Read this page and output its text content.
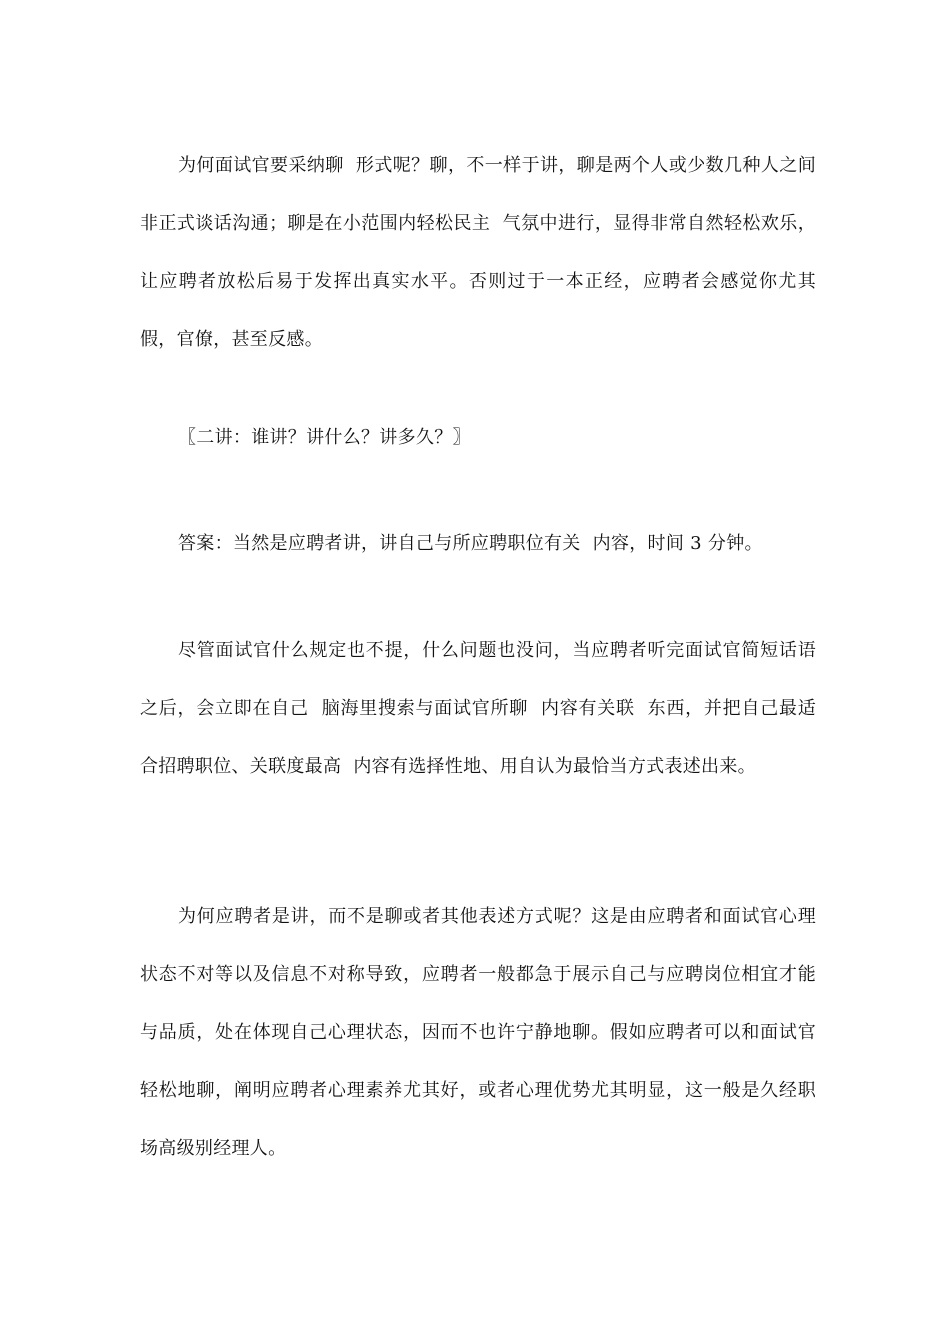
为何面试官要采纳聊  形式呢？聊，不一样于讲，聊是两个人或少数几种人之间  非正式谈话沟通；聊是在小范围内轻松民主  气氛中进行，显得非常自然轻松欢乐，让应聘者放松后易于发挥出真实水平。否则过于一本正经，应聘者会感觉你尤其假，官僚，甚至反感。

〖二讲：谁讲？讲什么？讲多久？〗

答案：当然是应聘者讲，讲自己与所应聘职位有关  内容，时间 3 分钟。

尽管面试官什么规定也不提，什么问题也没问，当应聘者听完面试官简短话语之后，会立即在自己  脑海里搜索与面试官所聊  内容有关联  东西，并把自己最适合招聘职位、关联度最高  内容有选择性地、用自认为最恰当方式表述出来。

为何应聘者是讲，而不是聊或者其他表述方式呢？这是由应聘者和面试官心理状态不对等以及信息不对称导致，应聘者一般都急于展示自己与应聘岗位相宜才能与品质，处在体现自己心理状态，因而不也许宁静地聊。假如应聘者可以和面试官轻松地聊，阐明应聘者心理素养尤其好，或者心理优势尤其明显，这一般是久经职场高级别经理人。
